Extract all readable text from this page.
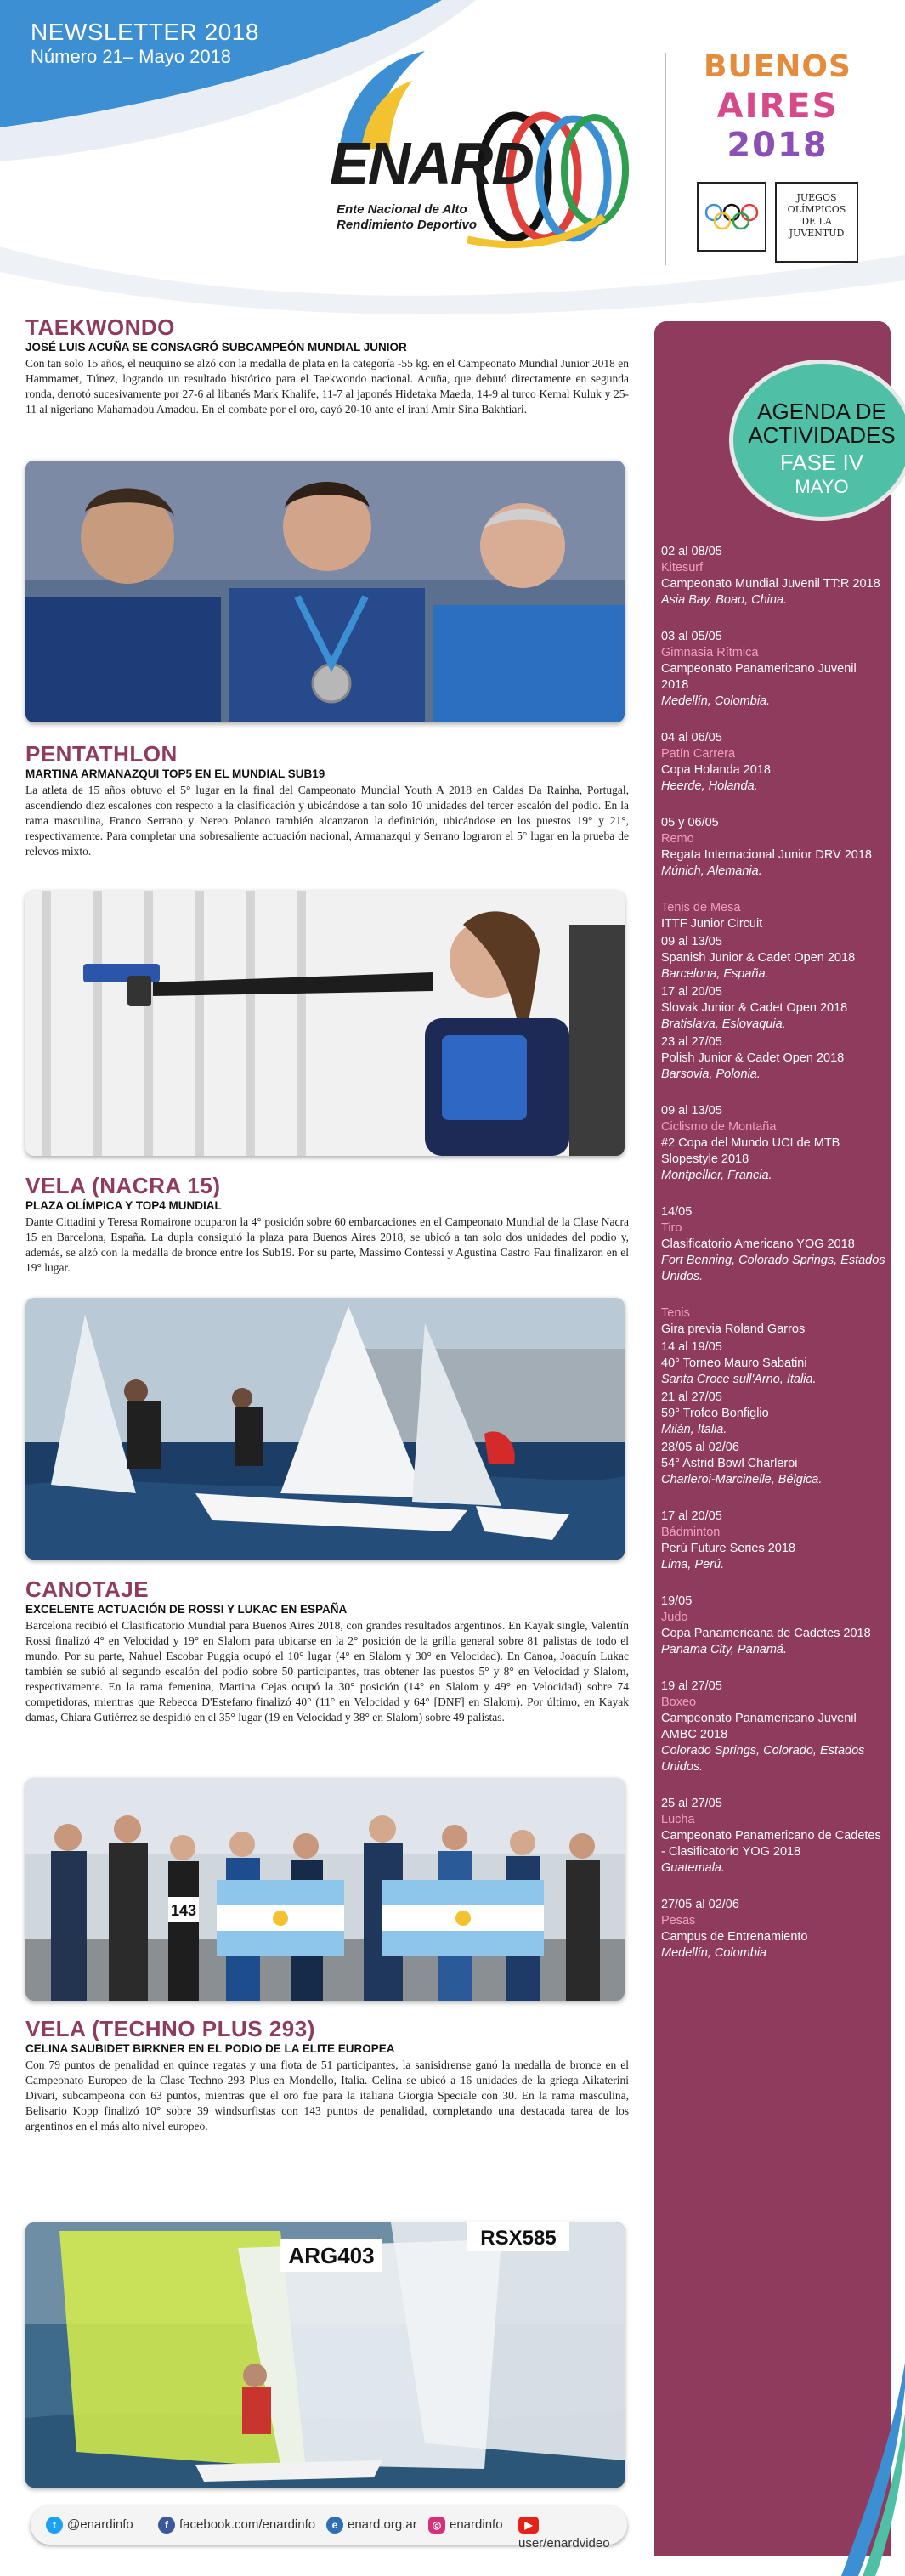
NEWSLETTER 2018
Número 21– Mayo 2018
ENARD
Ente Nacional de Alto
Rendimiento Deportivo
BUENOS
AIRES
2018
JUEGOS
OLÍMPICOS
DE LA
JUVENTUD
TAEKWONDO
JOSÉ LUIS ACUÑA SE CONSAGRÓ SUBCAMPEÓN MUNDIAL JUNIOR

Con tan solo 15 años, el neuquino se alzó con la medalla de plata en la categoría -55 kg. en el Campeonato Mundial Junior 2018 en Hammamet, Túnez, logrando un resultado histórico para el Taekwondo nacional. Acuña, que debutó directamente en segunda ronda, derrotó sucesivamente por 27-6 al libanés Mark Khalife, 11-7 al japonés Hidetaka Maeda, 14-9 al turco Kemal Kuluk y 25-11 al nigeriano Mahamadou Amadou. En el combate por el oro, cayó 20-10 ante el iraní Amir Sina Bakhtiari.

PENTATHLON
MARTINA ARMANAZQUI TOP5 EN EL MUNDIAL SUB19

La atleta de 15 años obtuvo el 5° lugar en la final del Campeonato Mundial Youth A 2018 en Caldas Da Rainha, Portugal, ascendiendo diez escalones con respecto a la clasificación y ubicándose a tan solo 10 unidades del tercer escalón del podio. En la rama masculina, Franco Serrano y Nereo Polanco también alcanzaron la definición, ubicándose en los puestos 19° y 21°, respectivamente. Para completar una sobresaliente actuación nacional, Armanazqui y Serrano lograron el 5° lugar en la prueba de relevos mixto.

VELA (NACRA 15)
PLAZA OLÍMPICA Y TOP4 MUNDIAL

Dante Cittadini y Teresa Romairone ocuparon la 4° posición sobre 60 embarcaciones en el Campeonato Mundial de la Clase Nacra 15 en Barcelona, España. La dupla consiguió la plaza para Buenos Aires 2018, se ubicó a tan solo dos unidades del podio y, además, se alzó con la medalla de bronce entre los Sub19. Por su parte, Massimo Contessi y Agustina Castro Fau finalizaron en el 19° lugar.

CANOTAJE
EXCELENTE ACTUACIÓN DE ROSSI Y LUKAC EN ESPAÑA

Barcelona recibió el Clasificatorio Mundial para Buenos Aires 2018, con grandes resultados argentinos. En Kayak single, Valentín Rossi finalizó 4° en Velocidad y 19° en Slalom para ubicarse en la 2° posición de la grilla general sobre 81 palistas de todo el mundo. Por su parte, Nahuel Escobar Puggia ocupó el 10° lugar (4° en Slalom y 30° en Velocidad). En Canoa, Joaquín Lukac también se subió al segundo escalón del podio sobre 50 participantes, tras obtener las puestos 5° y 8° en Velocidad y Slalom, respectivamente. En la rama femenina, Martina Cejas ocupó la 30° posición (14° en Slalom y 49° en Velocidad) sobre 74 competidoras, mientras que Rebecca D'Estefano finalizó 40° (11° en Velocidad y 64° [DNF] en Slalom). Por último, en Kayak damas, Chiara Gutiérrez se despidió en el 35° lugar (19 en Velocidad y 38° en Slalom) sobre 49 palistas.

143
VELA (TECHNO PLUS 293)
CELINA SAUBIDET BIRKNER EN EL PODIO DE LA ELITE EUROPEA

Con 79 puntos de penalidad en quince regatas y una flota de 51 participantes, la sanisidrense ganó la medalla de bronce en el Campeonato Europeo de la Clase Techno 293 Plus en Mondello, Italia. Celina se ubicó a 16 unidades de la griega Aikaterini Divari, subcampeona con 63 puntos, mientras que el oro fue para la italiana Giorgia Speciale con 30. En la rama masculina, Belisario Kopp finalizó 10° sobre 39 windsurfistas con 143 puntos de penalidad, completando una destacada tarea de los argentinos en el más alto nivel europeo.

ARG403
RSX585
AGENDA DE
ACTIVIDADES
FASE IV
MAYO
02 al 08/05
Kitesurf
Campeonato Mundial Juvenil TT:R 2018
Asia Bay, Boao, China.
03 al 05/05
Gimnasia Rítmica
Campeonato Panamericano Juvenil 2018
Medellín, Colombia.
04 al 06/05
Patín Carrera
Copa Holanda 2018
Heerde, Holanda.
05 y 06/05
Remo
Regata Internacional Junior DRV 2018
Múnich, Alemania.
Tenis de Mesa
ITTF Junior Circuit
09 al 13/05
Spanish Junior & Cadet Open 2018
Barcelona, España.
17 al 20/05
Slovak Junior & Cadet Open 2018
Bratislava, Eslovaquia.
23 al 27/05
Polish Junior & Cadet Open 2018
Barsovia, Polonia.
09 al 13/05
Ciclismo de Montaña
#2 Copa del Mundo UCI de MTB Slopestyle 2018
Montpellier, Francia.
14/05
Tiro
Clasificatorio Americano YOG 2018
Fort Benning, Colorado Springs, Estados Unidos.
Tenis
Gira previa Roland Garros
14 al 19/05
40° Torneo Mauro Sabatini
Santa Croce sull'Arno, Italia.
21 al 27/05
59° Trofeo Bonfiglio
Milán, Italia.
28/05 al 02/06
54° Astrid Bowl Charleroi
Charleroi-Marcinelle, Bélgica.
17 al 20/05
Bádminton
Perú Future Series 2018
Lima, Perú.
19/05
Judo
Copa Panamericana de Cadetes 2018
Panama City, Panamá.
19 al 27/05
Boxeo
Campeonato Panamericano Juvenil AMBC 2018
Colorado Springs, Colorado, Estados Unidos.
25 al 27/05
Lucha
Campeonato Panamericano de Cadetes - Clasificatorio YOG 2018
Guatemala.
27/05 al 02/06
Pesas
Campus de Entrenamiento
Medellín, Colombia
t @enardinfo	f facebook.com/enardinfo	e enard.org.ar	◎ enardinfo	▶user/enardvideo
